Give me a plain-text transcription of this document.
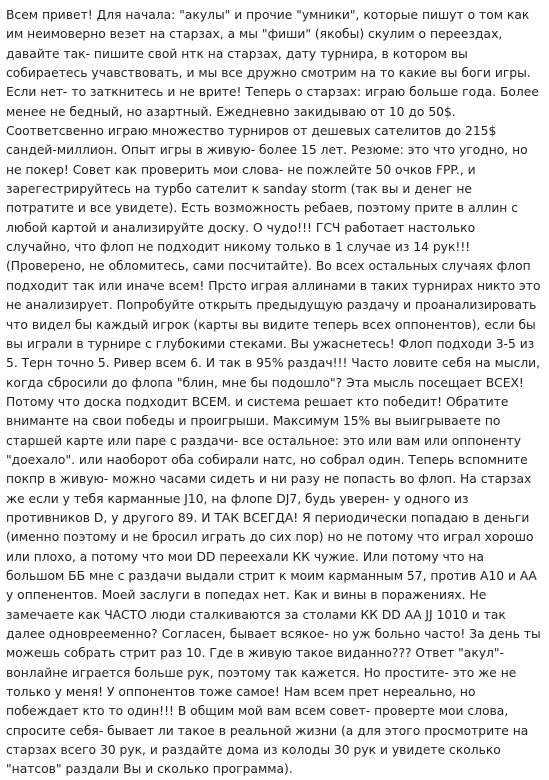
Всем привет! Для начала: "акулы" и прочие "умники", которые пишут о том как им неимоверно везет на старзах, а мы "фиши" (якобы) скулим о переездах, давайте так- пишите свой нтк на старзах, дату турнира, в котором вы собираетесь учавствовать, и мы все дружно смотрим на то какие вы боги игры. Если нет- то заткнитесь и не врите! Теперь о старзах: играю больше года. Более менее не бедный, но азартный. Ежедневно закидываю от 10 до 50$. Соответсвенно играю множество турниров от дешевых сателитов до 215$ сандей-миллион. Опыт игры в живую- более 15 лет. Резюме: это что угодно, но не покер! Совет как проверить мои слова- не пожлейте 50 очков FPP., и зарегестрируйтесь на турбо сателит к sanday storm (так вы и денег не потратите и все увидете). Есть возможность ребаев, поэтому прите в аллин с любой картой и анализируйте доску. О чудо!!! ГСЧ работает настолько случайно, что флоп не подходит никому только в 1 случае из 14 рук!!! (Проверено, не обломитесь, сами посчитайте). Во всех остальных случаях флоп подходит так или иначе всем! Прсто играя аллинами в таких турнирах никто это не анализирует. Попробуйте открыть предыдущую раздачу и проанализировать что видел бы каждый игрок (карты вы видите теперь всех оппонентов), если бы вы играли в турнире с глубокими стеками. Вы ужаснетесь! Флоп подходи 3-5 из 5. Терн точно 5. Ривер всем 6. И так в 95% раздач!!! Часто ловите себя на мысли, когда сбросили до флопа "блин, мне бы подошло"? Эта мысль посещает ВСЕХ! Потому что доска подходит ВСЕМ. и система решает кто победит! Обратите вниманте на свои победы и проигрыши. Максимум 15% вы выигрываете по старшей карте или паре с раздачи- все остальное: это или вам или оппоненту "доехало". или наоборот оба собирали натс, но собрал один. Теперь вспомните покпр в живую- можно часами сидеть и ни разу не попасть во флоп. На старзах же если у тебя карманные J10, на флопе DJ7, будь уверен- у одного из противников D, у другого 89. И ТАК ВСЕГДА! Я периодически попадаю в деньги (именно поэтому и не бросил играть до сих пор) но не потому что играл хорошо или плохо, а потому что мои DD переехали КК чужие. Или потому что на большом ББ мне с раздачи выдали стрит к моим карманным 57, против А10 и АА у оппенентов. Моей заслуги в попедах нет. Как и вины в поражениях. Не замечаете как ЧАСТО люди сталкиваются за столами КК DD АА JJ 1010 и так далее одноврееменно? Согласен, бывает всякое- но уж больно часто! За день ты можешь собрать стрит раз 10. Где в живую такое виданно??? Ответ "акул"- вонлайне играется больше рук, поэтому так кажется. Но простите- это же не только у меня! У оппонентов тоже самое! Нам всем прет нереально, но побеждает кто то один!!! В общим мой вам всем совет- проверте мои слова, спросите себя- бывает ли такое в реальной жизни (а для этого просмотрите на старзах всего 30 рук, и раздайте дома из колоды 30 рук и увидете сколько "натсов" раздали Вы и сколько программа).
